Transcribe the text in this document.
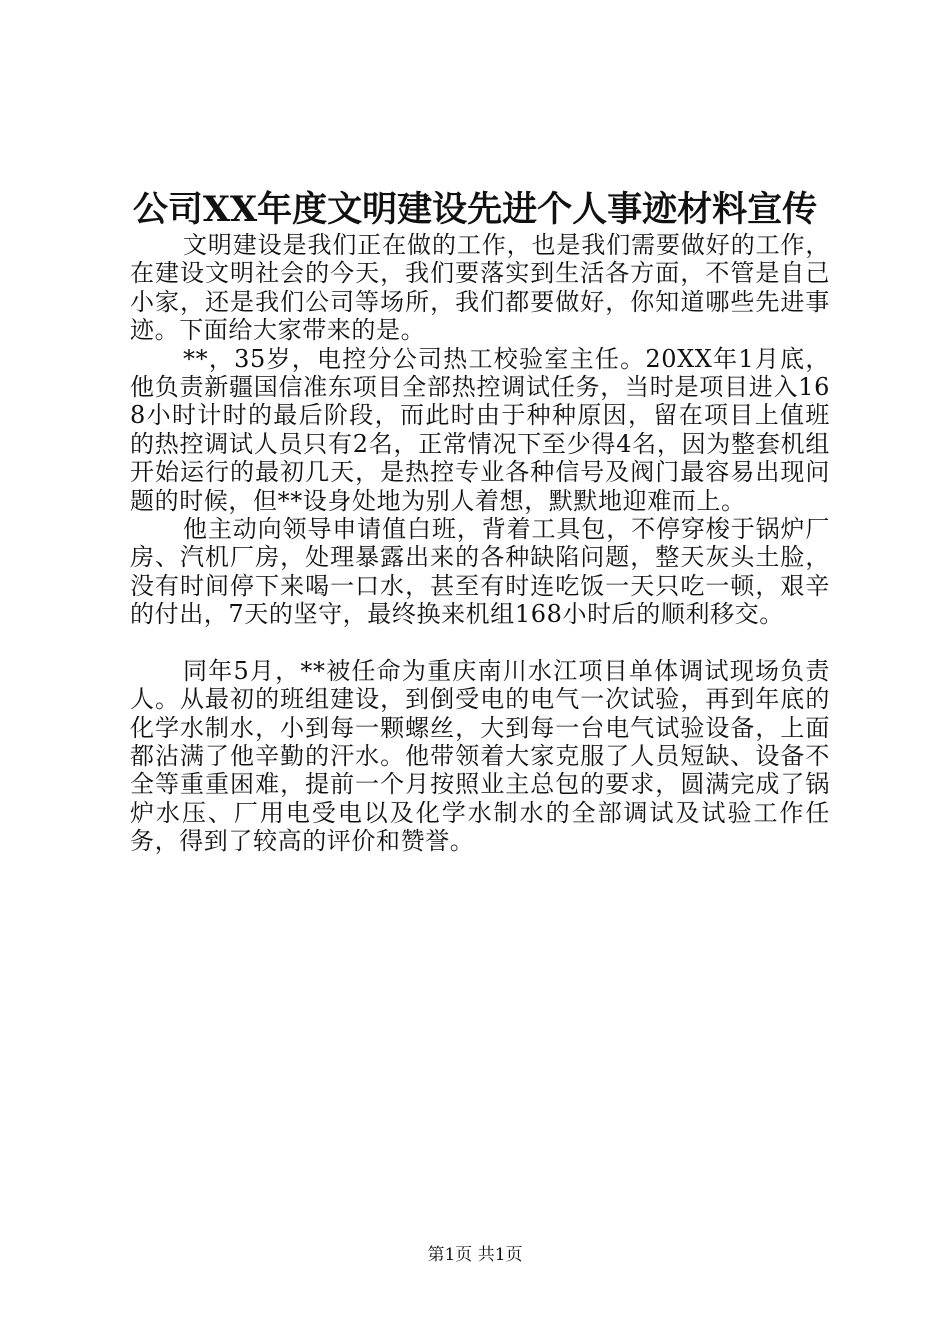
公司XX年度文明建设先进个人事迹材料宣传

文明建设是我们正在做的工作，也是我们需要做好的工作，在建设文明社会的今天，我们要落实到生活各方面，不管是自己小家，还是我们公司等场所，我们都要做好，你知道哪些先进事迹。下面给大家带来的是。

**，35岁，电控分公司热工校验室主任。20XX年1月底，他负责新疆国信准东项目全部热控调试任务，当时是项目进入168小时计时的最后阶段，而此时由于种种原因，留在项目上值班的热控调试人员只有2名，正常情况下至少得4名，因为整套机组开始运行的最初几天，是热控专业各种信号及阀门最容易出现问题的时候，但**设身处地为别人着想，默默地迎难而上。

他主动向领导申请值白班，背着工具包，不停穿梭于锅炉厂房、汽机厂房，处理暴露出来的各种缺陷问题，整天灰头土脸，没有时间停下来喝一口水，甚至有时连吃饭一天只吃一顿，艰辛的付出，7天的坚守，最终换来机组168小时后的顺利移交。

同年5月，**被任命为重庆南川水江项目单体调试现场负责人。从最初的班组建设，到倒受电的电气一次试验，再到年底的化学水制水，小到每一颗螺丝，大到每一台电气试验设备，上面都沾满了他辛勤的汗水。他带领着大家克服了人员短缺、设备不全等重重困难，提前一个月按照业主总包的要求，圆满完成了锅炉水压、厂用电受电以及化学水制水的全部调试及试验工作任务，得到了较高的评价和赞誉。

第1页 共1页
